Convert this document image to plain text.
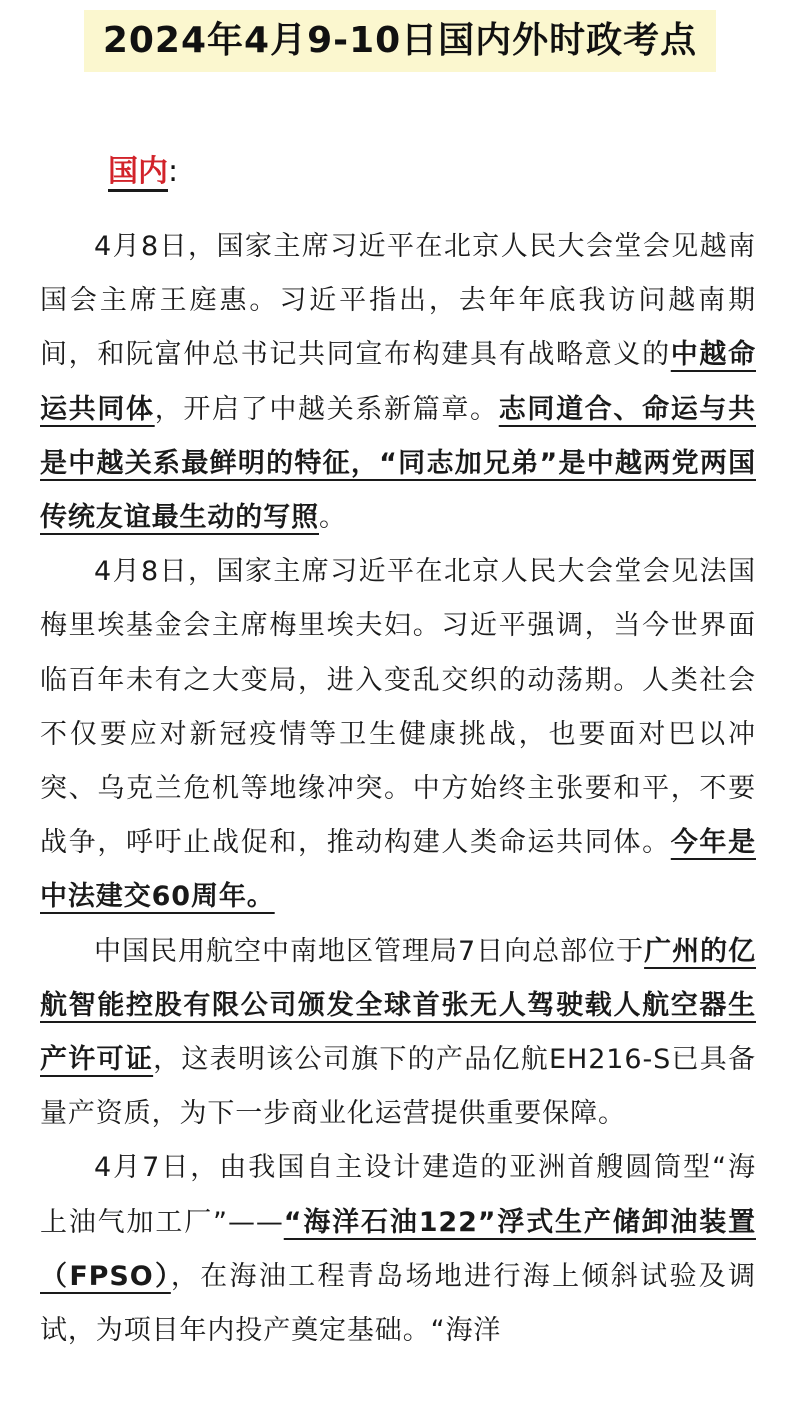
2024年4月9-10日国内外时政考点
国内:

4月8日，国家主席习近平在北京人民大会堂会见越南国会主席王庭惠。习近平指出，去年年底我访问越南期间，和阮富仲总书记共同宣布构建具有战略意义的中越命运共同体，开启了中越关系新篇章。志同道合、命运与共是中越关系最鲜明的特征，“同志加兄弟”是中越两党两国传统友谊最生动的写照。

4月8日，国家主席习近平在北京人民大会堂会见法国梅里埃基金会主席梅里埃夫妇。习近平强调，当今世界面临百年未有之大变局，进入变乱交织的动荡期。人类社会不仅要应对新冠疫情等卫生健康挑战，也要面对巴以冲突、乌克兰危机等地缘冲突。中方始终主张要和平，不要战争，呼吁止战促和，推动构建人类命运共同体。今年是中法建交60周年。

中国民用航空中南地区管理局7日向总部位于广州的亿航智能控股有限公司颁发全球首张无人驾驶载人航空器生产许可证，这表明该公司旗下的产品亿航EH216-S已具备量产资质，为下一步商业化运营提供重要保障。

4月7日，由我国自主设计建造的亚洲首艘圆筒型“海上油气加工厂”——“海洋石油122”浮式生产储卸油装置（FPSO），在海油工程青岛场地进行海上倾斜试验及调试，为项目年内投产奠定基础。“海洋
